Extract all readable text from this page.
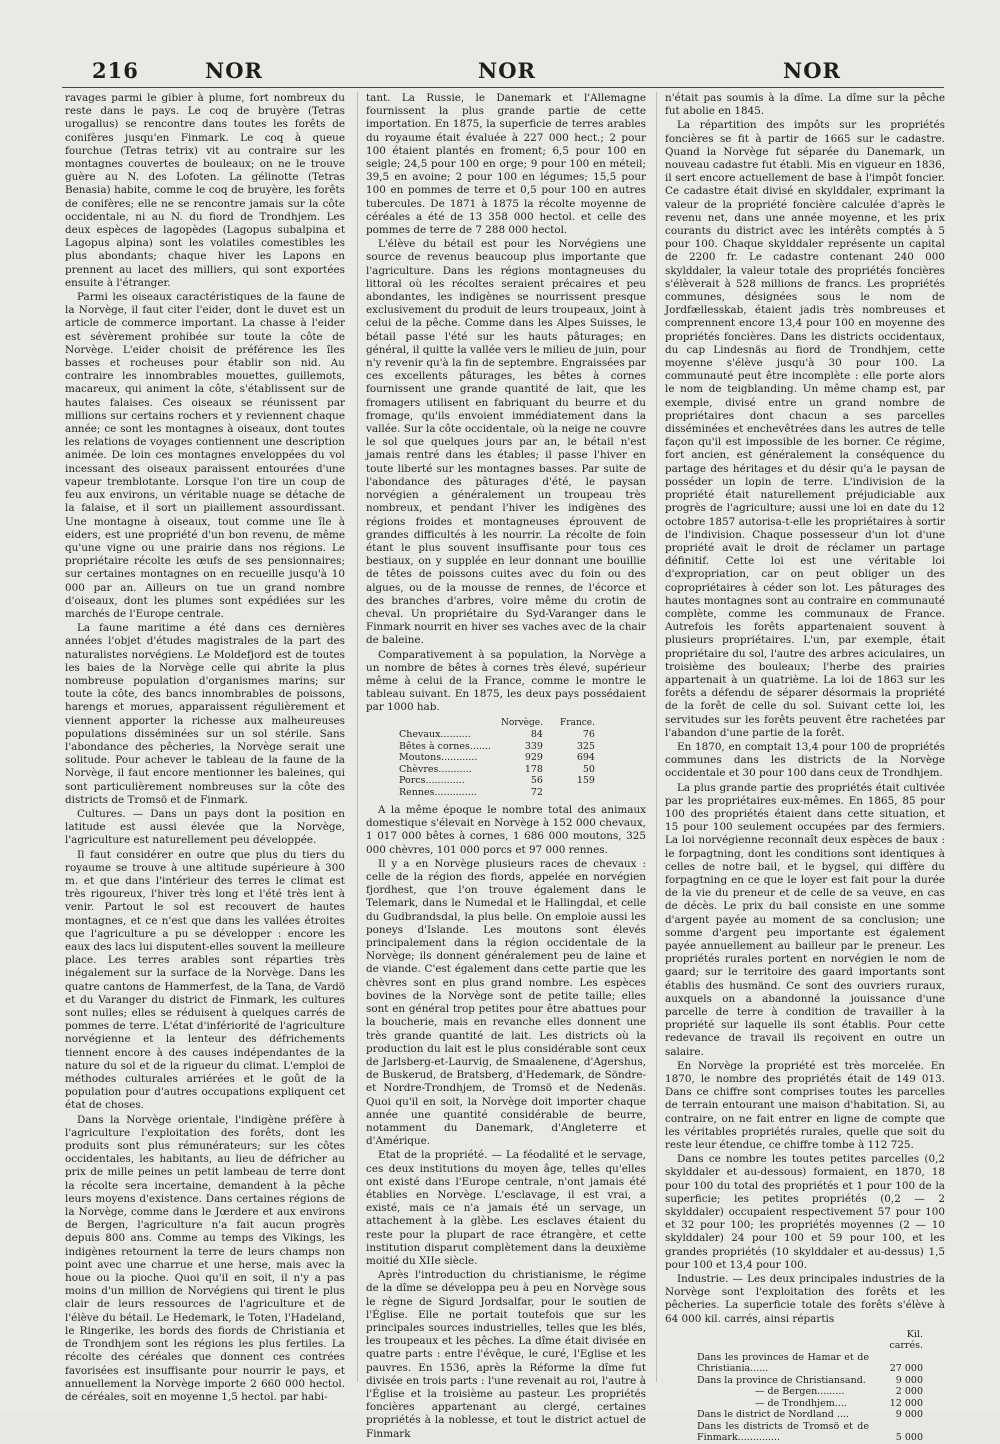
216	NOR	NOR
NOR

ravages parmi le gibier à plume, fort nombreux du reste dans le pays. Le coq de bruyère (Tetras urogallus) se rencontre dans toutes les forêts de conifères jusqu'en Finmark. Le coq à queue fourchue (Tetras tetrix) vit au contraire sur les montagnes couvertes de bouleaux; on ne le trouve guère au N. des Lofoten. La gélinotte (Tetras Benasia) habite, comme le coq de bruyère, les forêts de conifères; elle ne se rencontre jamais sur la côte occidentale, ni au N. du fiord de Trondhjem. Les deux espèces de lagopèdes (Lagopus subalpina et Lagopus alpina) sont les volatiles comestibles les plus abondants; chaque hiver les Lapons en prennent au lacet des milliers, qui sont exportées ensuite à l'étranger.

Parmi les oiseaux caractéristiques de la faune de la Norvège, il faut citer l'eider, dont le duvet est un article de commerce important. La chasse à l'eider est sévèrement prohibée sur toute la côte de Norvège. L'eider choisit de préférence les îles basses et rocheuses pour établir son nid. Au contraire les innombrables mouettes, guillemots, macareux, qui animent la côte, s'établissent sur de hautes falaises. Ces oiseaux se réunissent par millions sur certains rochers et y reviennent chaque année; ce sont les montagnes à oiseaux, dont toutes les relations de voyages contiennent une description animée. De loin ces montagnes enveloppées du vol incessant des oiseaux paraissent entourées d'une vapeur tremblotante. Lorsque l'on tire un coup de feu aux environs, un véritable nuage se détache de la falaise, et il sort un piaillement assourdissant. Une montagne à oiseaux, tout comme une île à eiders, est une propriété d'un bon revenu, de même qu'une vigne ou une prairie dans nos régions. Le propriétaire récolte les œufs de ses pensionnaires; sur certaines montagnes on en recueille jusqu'à 10 000 par an. Ailleurs on tue un grand nombre d'oiseaux, dont les plumes sont expédiées sur les marchés de l'Europe centrale.

La faune maritime a été dans ces dernières années l'objet d'études magistrales de la part des naturalistes norvégiens. Le Moldefjord est de toutes les baies de la Norvège celle qui abrite la plus nombreuse population d'organismes marins; sur toute la côte, des bancs innombrables de poissons, harengs et morues, apparaissent régulièrement et viennent apporter la richesse aux malheureuses populations disséminées sur un sol stérile. Sans l'abondance des pêcheries, la Norvège serait une solitude. Pour achever le tableau de la faune de la Norvège, il faut encore mentionner les baleines, qui sont particulièrement nombreuses sur la côte des districts de Tromsö et de Finmark.

Cultures. — Dans un pays dont la position en latitude est aussi élevée que la Norvège, l'agriculture est naturellement peu développée.

Il faut considérer en outre que plus du tiers du royaume se trouve à une altitude supérieure à 300 m. et que dans l'intérieur des terres le climat est très rigoureux, l'hiver très long et l'été très lent à venir. Partout le sol est recouvert de hautes montagnes, et ce n'est que dans les vallées étroites que l'agriculture a pu se développer : encore les eaux des lacs lui disputent-elles souvent la meilleure place. Les terres arables sont réparties très inégalement sur la surface de la Norvège. Dans les quatre cantons de Hammerfest, de la Tana, de Vardö et du Varanger du district de Finmark, les cultures sont nulles; elles se réduisent à quelques carrés de pommes de terre. L'état d'infériorité de l'agriculture norvégienne et la lenteur des défrichements tiennent encore à des causes indépendantes de la nature du sol et de la rigueur du climat. L'emploi de méthodes culturales arriérées et le goût de la population pour d'autres occupations expliquent cet état de choses.

Dans la Norvège orientale, l'indigène préfère à l'agriculture l'exploitation des forêts, dont les produits sont plus rémunérateurs; sur les côtes occidentales, les habitants, au lieu de défricher au prix de mille peines un petit lambeau de terre dont la récolte sera incertaine, demandent à la pêche leurs moyens d'existence. Dans certaines régions de la Norvège, comme dans le Jœrdere et aux environs de Bergen, l'agriculture n'a fait aucun progrès depuis 800 ans. Comme au temps des Vikings, les indigènes retournent la terre de leurs champs non point avec une charrue et une herse, mais avec la houe ou la pioche. Quoi qu'il en soit, il n'y a pas moins d'un million de Norvégiens qui tirent le plus clair de leurs ressources de l'agriculture et de l'élève du bétail. Le Hedemark, le Toten, l'Hadeland, le Ringerike, les bords des fiords de Christiania et de Trondhjem sont les régions les plus fertiles. La récolte des céréales que donnent ces contrées favorisées est insuffisante pour nourrir le pays, et annuellement la Norvège importe 2 660 000 hectol. de céréales, soit en moyenne 1,5 hectol. par habi-

tant. La Russie, le Danemark et l'Allemagne fournissent la plus grande partie de cette importation. En 1875, la superficie de terres arables du royaume était évaluée à 227 000 hect.; 2 pour 100 étaient plantés en froment; 6,5 pour 100 en seigle; 24,5 pour 100 en orge; 9 pour 100 en méteil; 39,5 en avoine; 2 pour 100 en légumes; 15,5 pour 100 en pommes de terre et 0,5 pour 100 en autres tubercules. De 1871 à 1875 la récolte moyenne de céréales a été de 13 358 000 hectol. et celle des pommes de terre de 7 288 000 hectol.

L'élève du bétail est pour les Norvégiens une source de revenus beaucoup plus importante que l'agriculture. Dans les régions montagneuses du littoral où les récoltes seraient précaires et peu abondantes, les indigènes se nourrissent presque exclusivement du produit de leurs troupeaux, joint à celui de la pêche. Comme dans les Alpes Suisses, le bétail passe l'été sur les hauts pâturages; en général, il quitte la vallée vers le milieu de juin, pour n'y revenir qu'à la fin de septembre. Engraissées par ces excellents pâturages, les bêtes à cornes fournissent une grande quantité de lait, que les fromagers utilisent en fabriquant du beurre et du fromage, qu'ils envoient immédiatement dans la vallée. Sur la côte occidentale, où la neige ne couvre le sol que quelques jours par an, le bétail n'est jamais rentré dans les étables; il passe l'hiver en toute liberté sur les montagnes basses. Par suite de l'abondance des pâturages d'été, le paysan norvégien a généralement un troupeau très nombreux, et pendant l'hiver les indigènes des régions froides et montagneuses éprouvent de grandes difficultés à les nourrir. La récolte de foin étant le plus souvent insuffisante pour tous ces bestiaux, on y supplée en leur donnant une bouillie de têtes de poissons cuites avec du foin ou des algues, ou de la mousse de rennes, de l'écorce et des branches d'arbres, voire même du crotin de cheval. Un propriétaire du Syd-Varanger dans le Finmark nourrit en hiver ses vaches avec de la chair de baleine.

Comparativement à sa population, la Norvège a un nombre de bêtes à cornes très élevé, supérieur même à celui de la France, comme le montre le tableau suivant. En 1875, les deux pays possédaient par 1000 hab.

	Norvège.	France.
Chevaux..........	84	76
Bêtes à cornes.......	339	325
Moutons............	929	694
Chèvres...........	178	50
Porcs.............	56	159
Rennes..............	72	

A la même époque le nombre total des animaux domestique s'élevait en Norvège à 152 000 chevaux, 1 017 000 bêtes à cornes, 1 686 000 moutons, 325 000 chèvres, 101 000 porcs et 97 000 rennes.

Il y a en Norvège plusieurs races de chevaux : celle de la région des fiords, appelée en norvégien fjordhest, que l'on trouve également dans le Telemark, dans le Numedal et le Hallingdal, et celle du Gudbrandsdal, la plus belle. On emploie aussi les poneys d'Islande. Les moutons sont élevés principalement dans la région occidentale de la Norvège; ils donnent généralement peu de laine et de viande. C'est également dans cette partie que les chèvres sont en plus grand nombre. Les espèces bovines de la Norvège sont de petite taille; elles sont en général trop petites pour être abattues pour la boucherie, mais en revanche elles donnent une très grande quantité de lait. Les districts où la production du lait est le plus considérable sont ceux de Jarlsberg-et-Laurvig, de Smaalenene, d'Agershus, de Buskerud, de Bratsberg, d'Hedemark, de Söndre- et Nordre-Trondhjem, de Tromsö et de Nedenäs. Quoi qu'il en soit, la Norvège doit importer chaque année une quantité considérable de beurre, notamment du Danemark, d'Angleterre et d'Amérique.

Etat de la propriété. — La féodalité et le servage, ces deux institutions du moyen âge, telles qu'elles ont existé dans l'Europe centrale, n'ont jamais été établies en Norvège. L'esclavage, il est vrai, a existé, mais ce n'a jamais été un servage, un attachement à la glèbe. Les esclaves étaient du reste pour la plupart de race étrangère, et cette institution disparut complètement dans la deuxième moitié du XIIe siècle.

Après l'introduction du christianisme, le régime de la dîme se développa peu à peu en Norvège sous le règne de Sigurd Jordsalfar, pour le soutien de l'Église. Elle ne portait toutefois que sur les principales sources industrielles, telles que les blés, les troupeaux et les pêches. La dîme était divisée en quatre parts : entre l'évêque, le curé, l'Eglise et les pauvres. En 1536, après la Réforme la dîme fut divisée en trois parts : l'une revenait au roi, l'autre à l'Église et la troisième au pasteur. Les propriétés foncières appartenant au clergé, certaines propriétés à la noblesse, et tout le district actuel de Finmark

n'était pas soumis à la dîme. La dîme sur la pêche fut abolie en 1845.

La répartition des impôts sur les propriétés foncières se fit à partir de 1665 sur le cadastre. Quand la Norvège fut séparée du Danemark, un nouveau cadastre fut établi. Mis en vigueur en 1836, il sert encore actuellement de base à l'impôt foncier. Ce cadastre était divisé en skylddaler, exprimant la valeur de la propriété foncière calculée d'après le revenu net, dans une année moyenne, et les prix courants du district avec les intérêts comptés à 5 pour 100. Chaque skylddaler représente un capital de 2200 fr. Le cadastre contenant 240 000 skylddaler, la valeur totale des propriétés foncières s'élèverait à 528 millions de francs. Les propriétés communes, désignées sous le nom de Jordfællesskab, étaient jadis très nombreuses et comprennent encore 13,4 pour 100 en moyenne des propriétés foncières. Dans les districts occidentaux, du cap Lindesnäs au fiord de Trondhjem, cette moyenne s'élève jusqu'à 30 pour 100. La communauté peut être incomplète : elle porte alors le nom de teigblanding. Un même champ est, par exemple, divisé entre un grand nombre de propriétaires dont chacun a ses parcelles disséminées et enchevêtrées dans les autres de telle façon qu'il est impossible de les borner. Ce régime, fort ancien, est généralement la conséquence du partage des héritages et du désir qu'a le paysan de posséder un lopin de terre. L'indivision de la propriété était naturellement préjudiciable aux progrès de l'agriculture; aussi une loi en date du 12 octobre 1857 autorisa-t-elle les propriétaires à sortir de l'indivision. Chaque possesseur d'un lot d'une propriété avait le droit de réclamer un partage définitif. Cette loi est une véritable loi d'expropriation, car on peut obliger un des copropriétaires à céder son lot. Les pâturages des hautes montagnes sont au contraire en communauté complète, comme les communaux de France. Autrefois les forêts appartenaient souvent à plusieurs propriétaires. L'un, par exemple, était propriétaire du sol, l'autre des arbres aciculaires, un troisième des bouleaux; l'herbe des prairies appartenait à un quatrième. La loi de 1863 sur les forêts a défendu de séparer désormais la propriété de la forêt de celle du sol. Suivant cette loi, les servitudes sur les forêts peuvent être rachetées par l'abandon d'une partie de la forêt.

En 1870, en comptait 13,4 pour 100 de propriétés communes dans les districts de la Norvège occidentale et 30 pour 100 dans ceux de Trondhjem.

La plus grande partie des propriétés était cultivée par les propriétaires eux-mêmes. En 1865, 85 pour 100 des propriétés étaient dans cette situation, et 15 pour 100 seulement occupées par des fermiers. La loi norvégienne reconnaît deux espèces de baux : le forpagtning, dont les conditions sont identiques à celles de notre bail, et le bygsel, qui diffère du forpagtning en ce que le loyer est fait pour la durée de la vie du preneur et de celle de sa veuve, en cas de décès. Le prix du bail consiste en une somme d'argent payée au moment de sa conclusion; une somme d'argent peu importante est également payée annuellement au bailleur par le preneur. Les propriétés rurales portent en norvégien le nom de gaard; sur le territoire des gaard importants sont établis des husmänd. Ce sont des ouvriers ruraux, auxquels on a abandonné la jouissance d'une parcelle de terre à condition de travailler à la propriété sur laquelle ils sont établis. Pour cette redevance de travail ils reçoivent en outre un salaire.

En Norvège la propriété est très morcelée. En 1870, le nombre des propriétés était de 149 013. Dans ce chiffre sont comprises toutes les parcelles de terrain entourant une maison d'habitation. Si, au contraire, on ne fait entrer en ligne de compte que les véritables propriétés rurales, quelle que soit du reste leur étendue, ce chiffre tombe à 112 725.

Dans ce nombre les toutes petites parcelles (0,2 skylddaler et au-dessous) formaient, en 1870, 18 pour 100 du total des propriétés et 1 pour 100 de la superficie; les petites propriétés (0,2 — 2 skylddaler) occupaient respectivement 57 pour 100 et 32 pour 100; les propriétés moyennes (2 — 10 skylddaler) 24 pour 100 et 59 pour 100, et les grandes propriétés (10 skylddaler et au-dessus) 1,5 pour 100 et 13,4 pour 100.

Industrie. — Les deux principales industries de la Norvège sont l'exploitation des forêts et les pêcheries. La superficie totale des forêts s'élève à 64 000 kil. carrés, ainsi répartis

	Kil. carrés.
Dans les provinces de Hamar et de Christiania......	27 000
Dans la province de Christiansand.	9 000
— de Bergen.........	2 000
— de Trondhjem....	12 000
Dans le district de Nordland ....	9 000
Dans les districts de Tromsö et de Finmark..............	5 000
